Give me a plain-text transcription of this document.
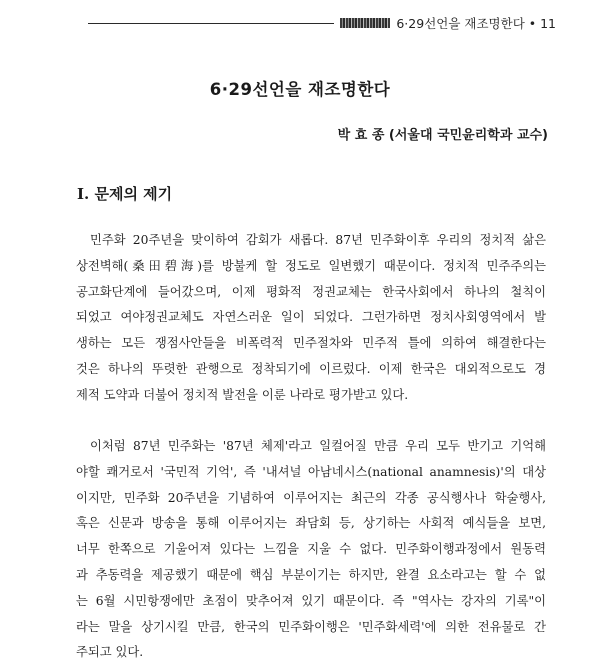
6·29선언을 재조명한다 • 11
6·29선언을 재조명한다
박 효 종 (서울대 국민윤리학과 교수)
Ⅰ. 문제의 제기
민주화 20주년을 맞이하여 감회가 새롭다. 87년 민주화이후 우리의 정치적 삶은
상전벽해(桑田碧海)를 방불케 할 정도로 일변했기 때문이다. 정치적 민주주의는
공고화단계에 들어갔으며, 이제 평화적 정권교체는 한국사회에서 하나의 철칙이
되었고 여야정권교체도 자연스러운 일이 되었다. 그런가하면 정치사회영역에서 발
생하는 모든 쟁점사안들을 비폭력적 민주절차와 민주적 틀에 의하여 해결한다는
것은 하나의 뚜렷한 관행으로 정착되기에 이르렀다. 이제 한국은 대외적으로도 경
제적 도약과 더불어 정치적 발전을 이룬 나라로 평가받고 있다.
이처럼 87년 민주화는 '87년 체제'라고 일컬어질 만큼 우리 모두 반기고 기억해
야할 쾌거로서 '국민적 기억', 즉 '내셔널 아남네시스(national anamnesis)'의 대상
이지만, 민주화 20주년을 기념하여 이루어지는 최근의 각종 공식행사나 학술행사,
혹은 신문과 방송을 통해 이루어지는 좌담회 등, 상기하는 사회적 예식들을 보면,
너무 한쪽으로 기울어져 있다는 느낌을 지울 수 없다. 민주화이행과정에서 원동력
과 추동력을 제공했기 때문에 핵심 부분이기는 하지만, 완결 요소라고는 할 수 없
는 6월 시민항쟁에만 초점이 맞추어져 있기 때문이다. 즉 "역사는 강자의 기록"이
라는 말을 상기시킬 만큼, 한국의 민주화이행은 '민주화세력'에 의한 전유물로 간
주되고 있다.
